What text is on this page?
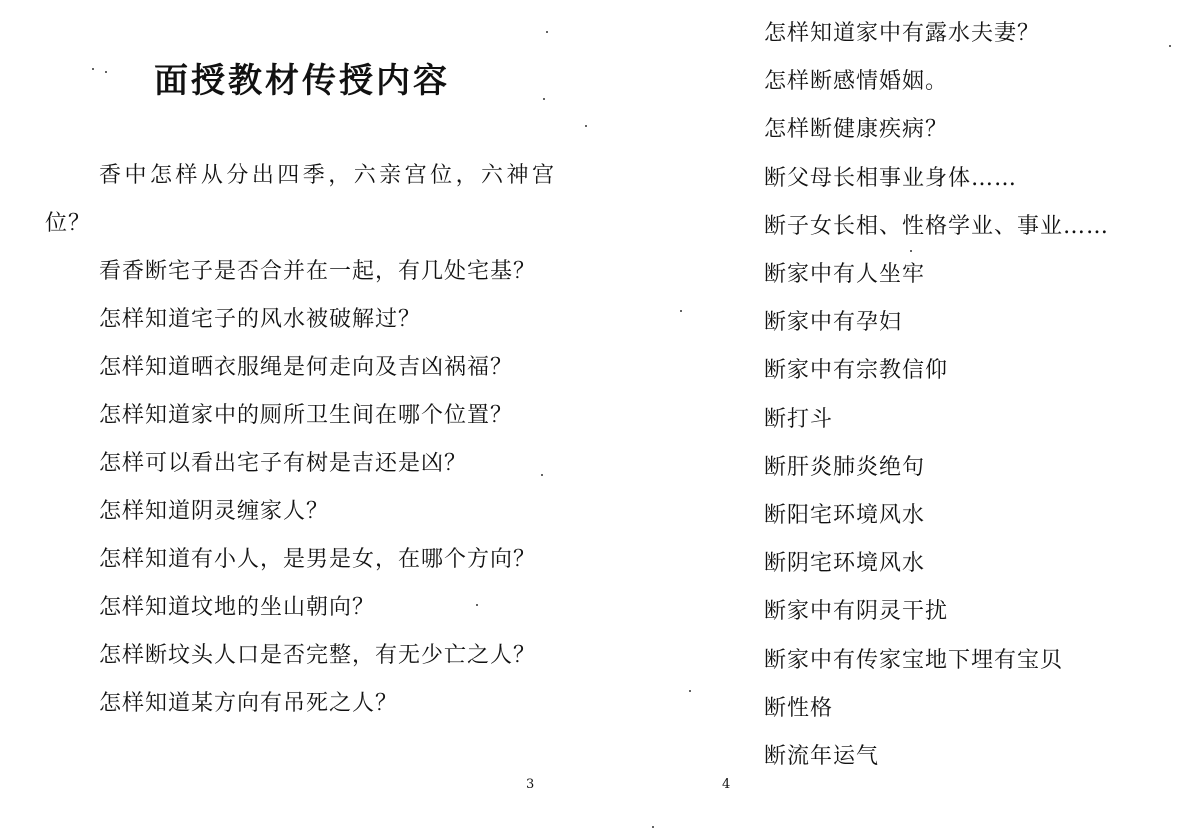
面授教材传授内容

香中怎样从分出四季，六亲宫位，六神宫位？

看香断宅子是否合并在一起，有几处宅基？

怎样知道宅子的风水被破解过？

怎样知道晒衣服绳是何走向及吉凶祸福？

怎样知道家中的厕所卫生间在哪个位置？

怎样可以看出宅子有树是吉还是凶？

怎样知道阴灵缠家人？

怎样知道有小人，是男是女，在哪个方向？

怎样知道坟地的坐山朝向？

怎样断坟头人口是否完整，有无少亡之人？

怎样知道某方向有吊死之人？

3
怎样知道家中有露水夫妻？
怎样断感情婚姻。
怎样断健康疾病？
断父母长相事业身体……
断子女长相、性格学业、事业……
断家中有人坐牢
断家中有孕妇
断家中有宗教信仰
断打斗
断肝炎肺炎绝句
断阳宅环境风水
断阴宅环境风水
断家中有阴灵干扰
断家中有传家宝地下埋有宝贝
断性格
断流年运气
4
